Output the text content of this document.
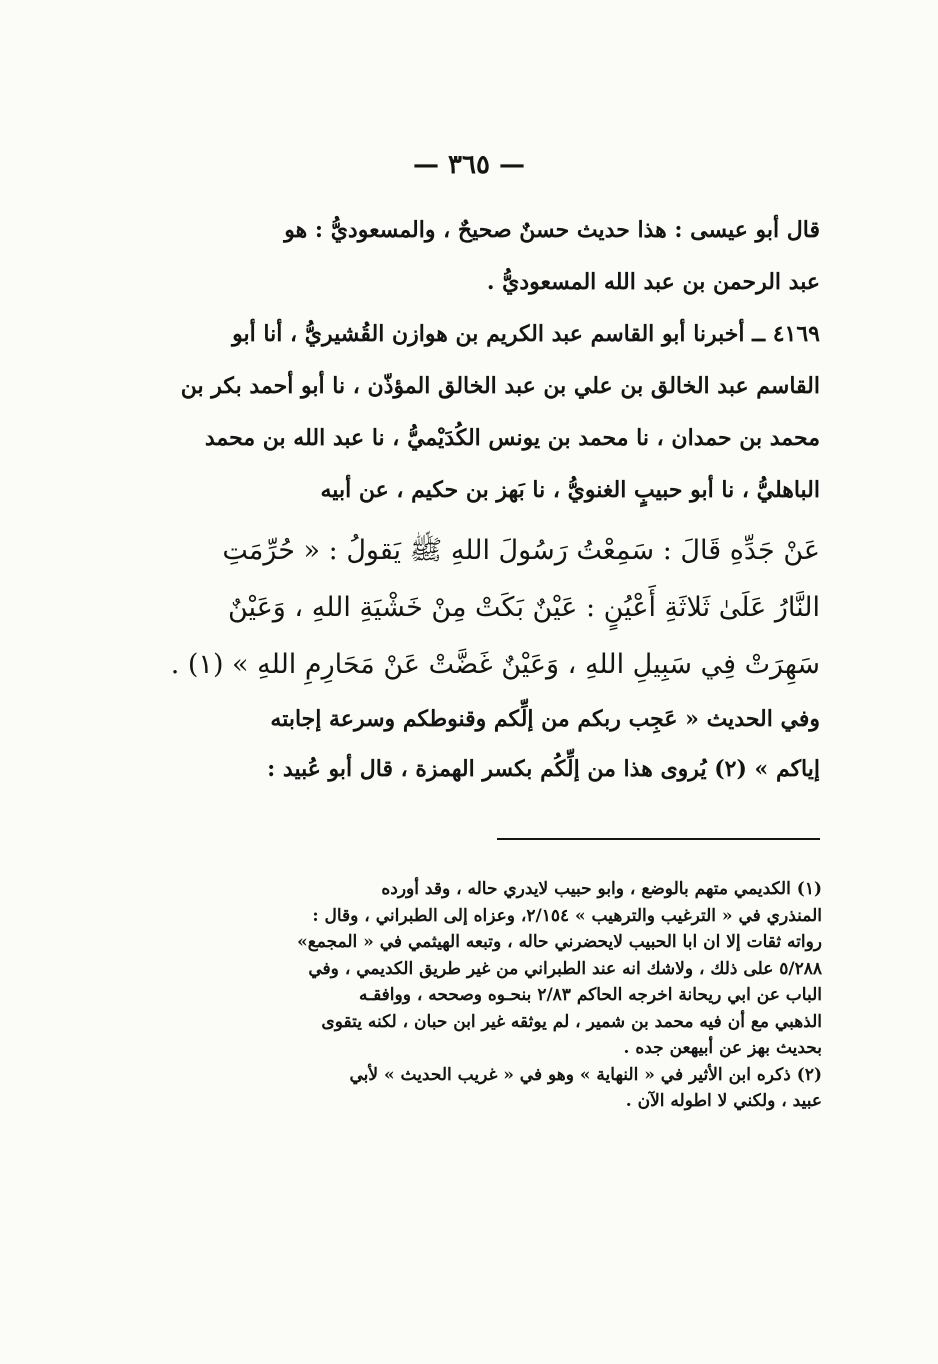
— ٣٦٥ —
قال أبو عيسى : هذا حديث حسنٌ صحيحٌ ، والمسعوديُّ : هو
عبد الرحمن بن عبد الله المسعوديُّ .
٤١٦٩ ــ أخبرنا أبو القاسم عبد الكريم بن هوازن القُشيريُّ ، أنا أبو
القاسم عبد الخالق بن علي بن عبد الخالق المؤذّن ، نا أبو أحمد بكر بن
محمد بن حمدان ، نا محمد بن يونس الكُدَيْميُّ ، نا عبد الله بن محمد
الباهليُّ ، نا أبو حبيبٍ الغنويُّ ، نا بَهز بن حكيم ، عن أبيه
عَنْ جَدِّهِ قَالَ : سَمِعْتُ رَسُولَ اللهِ ﷺ يَقولُ : « حُرِّمَتِ
النَّارُ عَلَىٰ ثَلاثَةِ أَعْيُنٍ : عَيْنٌ بَكَتْ مِنْ خَشْيَةِ اللهِ ، وَعَيْنٌ
سَهِرَتْ فِي سَبِيلِ اللهِ ، وَعَيْنٌ غَضَّتْ عَنْ مَحَارِمِ اللهِ » (١) .
وفي الحديث « عَجِب ربكم من إلِّكم وقنوطكم وسرعة إجابته
إياكم » (٢) يُروى هذا من إلِّكُم بكسر الهمزة ، قال أبو عُبيد :
(١) الكديمي متهم بالوضع ، وابو حبيب لايدري حاله ، وقد أورده
المنذري في « الترغيب والترهيب » ٢/١٥٤، وعزاه إلى الطبراني ، وقال :
رواته ثقات إلا ان ابا الحبيب لايحضرني حاله ، وتبعه الهيثمي في « المجمع»
٥/٢٨٨ على ذلك ، ولاشك انه عند الطبراني من غير طريق الكديمي ، وفي
الباب عن ابي ريحانة اخرجه الحاكم ٢/٨٣ بنحـوه وصححه ، ووافقـه
الذهبي مع أن فيه محمد بن شمير ، لم يوثقه غير ابن حبان ، لكنه يتقوى
بحديث بهز عن أبيهعن جده .
(٢) ذكره ابن الأثير في « النهاية » وهو في « غريب الحديث » لأبي
عبيد ، ولكني لا اطوله الآن .
